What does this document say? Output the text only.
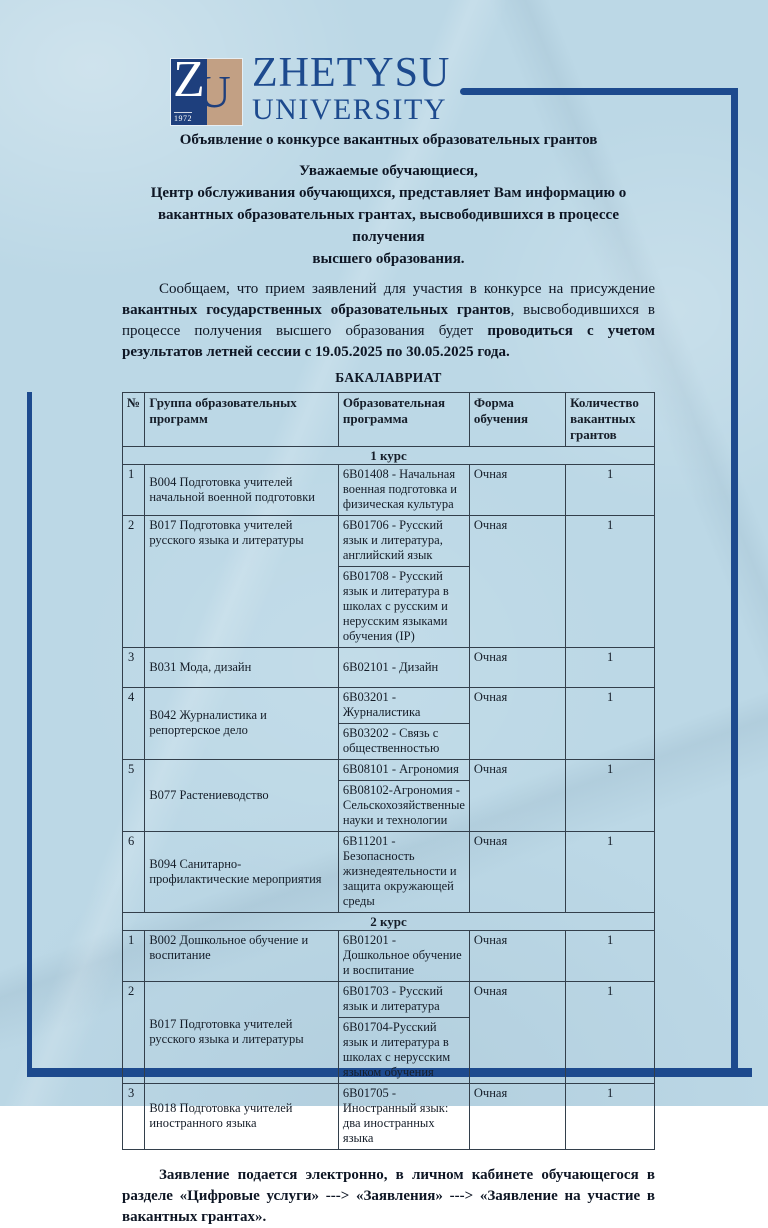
Z
1972
U ZHETYSU
UNIVERSITY
Объявление о конкурсе вакантных образовательных грантов
Уважаемые обучающиеся,
Центр обслуживания обучающихся, представляет Вам информацию о
вакантных образовательных грантах, высвободившихся в процессе получения
высшего образования.
Сообщаем, что прием заявлений для участия в конкурсе на присуждение вакантных государственных образовательных грантов, высвободившихся в процессе получения высшего образования будет проводиться с учетом результатов летней сессии с 19.05.2025 по 30.05.2025 года.
БАКАЛАВРИАТ
№	Группа образовательных программ	Образовательная программа	Форма обучения	Количество вакантных грантов
1 курс				
1	В004 Подготовка учителей начальной военной подготовки	6В01408 - Начальная военная подготовка и физическая культура	Очная	1
2	В017 Подготовка учителей русского языка и литературы	6В01706 - Русский язык и литература, английский язык	Очная	1
		6В01708 - Русский язык и литература в школах с русским и нерусским языками обучения (IP)		
3	В031 Мода, дизайн	6В02101 - Дизайн	Очная	1
4	В042 Журналистика и репортерское дело	6В03201 - Журналистика	Очная	1
		6В03202 - Связь с общественностью		
5	В077 Растениеводство	6В08101 - Агрономия	Очная	1
		6В08102-Агрономия - Сельскохозяйственные науки и технологии		
6	В094 Санитарно-профилактические мероприятия	6В11201 - Безопасность жизнедеятельности и защита окружающей среды	Очная	1
2 курс				
1	В002 Дошкольное обучение и воспитание	6В01201 - Дошкольное обучение и воспитание	Очная	1
2	В017 Подготовка учителей русского языка и литературы	6В01703 - Русский язык и литература	Очная	1
		6В01704-Русский язык и литература в школах с нерусским языком обучения		
3	В018 Подготовка учителей иностранного языка	6В01705 - Иностранный язык: два иностранных языка	Очная	1
Заявление подается электронно, в личном кабинете обучающегося в разделе «Цифровые услуги» ---> «Заявления» ---> «Заявление на участие в вакантных грантах».
